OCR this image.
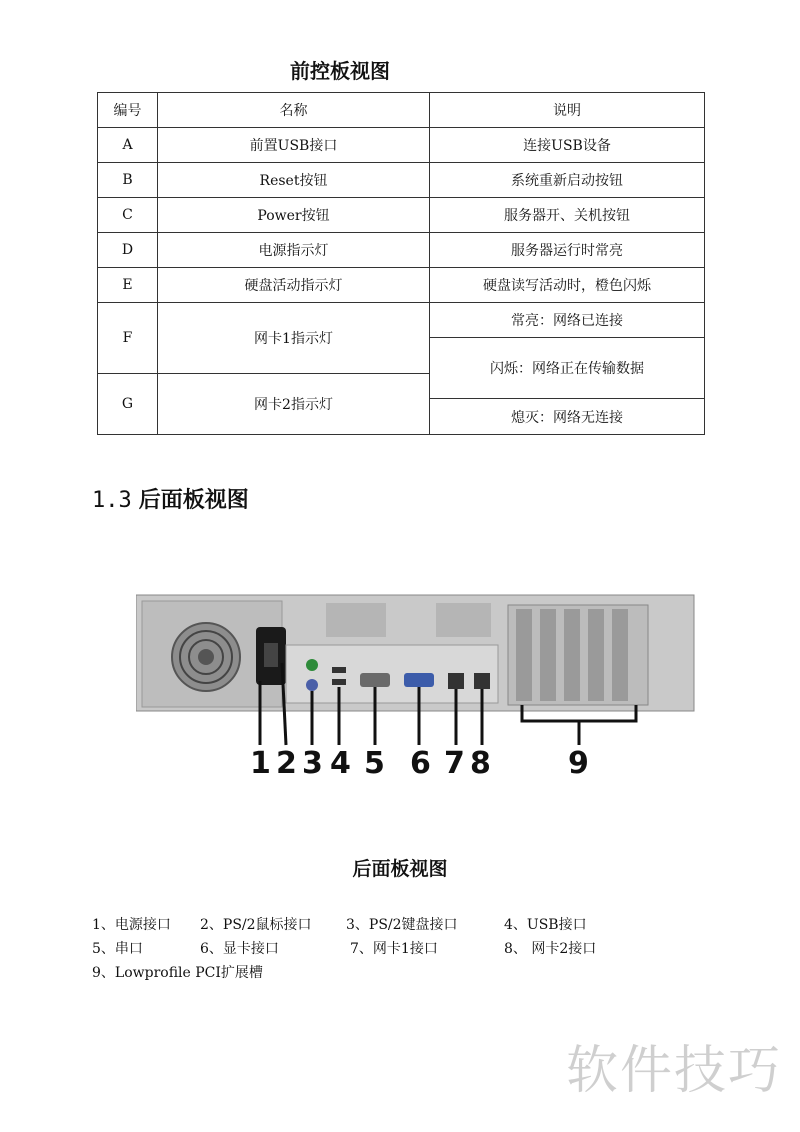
前控板视图
编号	名称	说明
A	前置USB接口	连接USB设备
B	Reset按钮	系统重新启动按钮
C	Power按钮	服务器开、关机按钮
D	电源指示灯	服务器运行时常亮
E	硬盘活动指示灯	硬盘读写活动时，橙色闪烁
F	网卡1指示灯	常亮：网络已连接
		闪烁：网络正在传输数据
G	网卡2指示灯	
		熄灭：网络无连接
1.3 后面板视图
1 2 3 4 5 6 7 8	9
后面板视图

1、电源接口

2、PS/2鼠标接口

3、PS/2键盘接口

	4、USB接口

5、串口

	6、显卡接口

	7、网卡1接口

	8、 网卡2接口

9、Lowprofile PCI扩展槽

软件技巧
